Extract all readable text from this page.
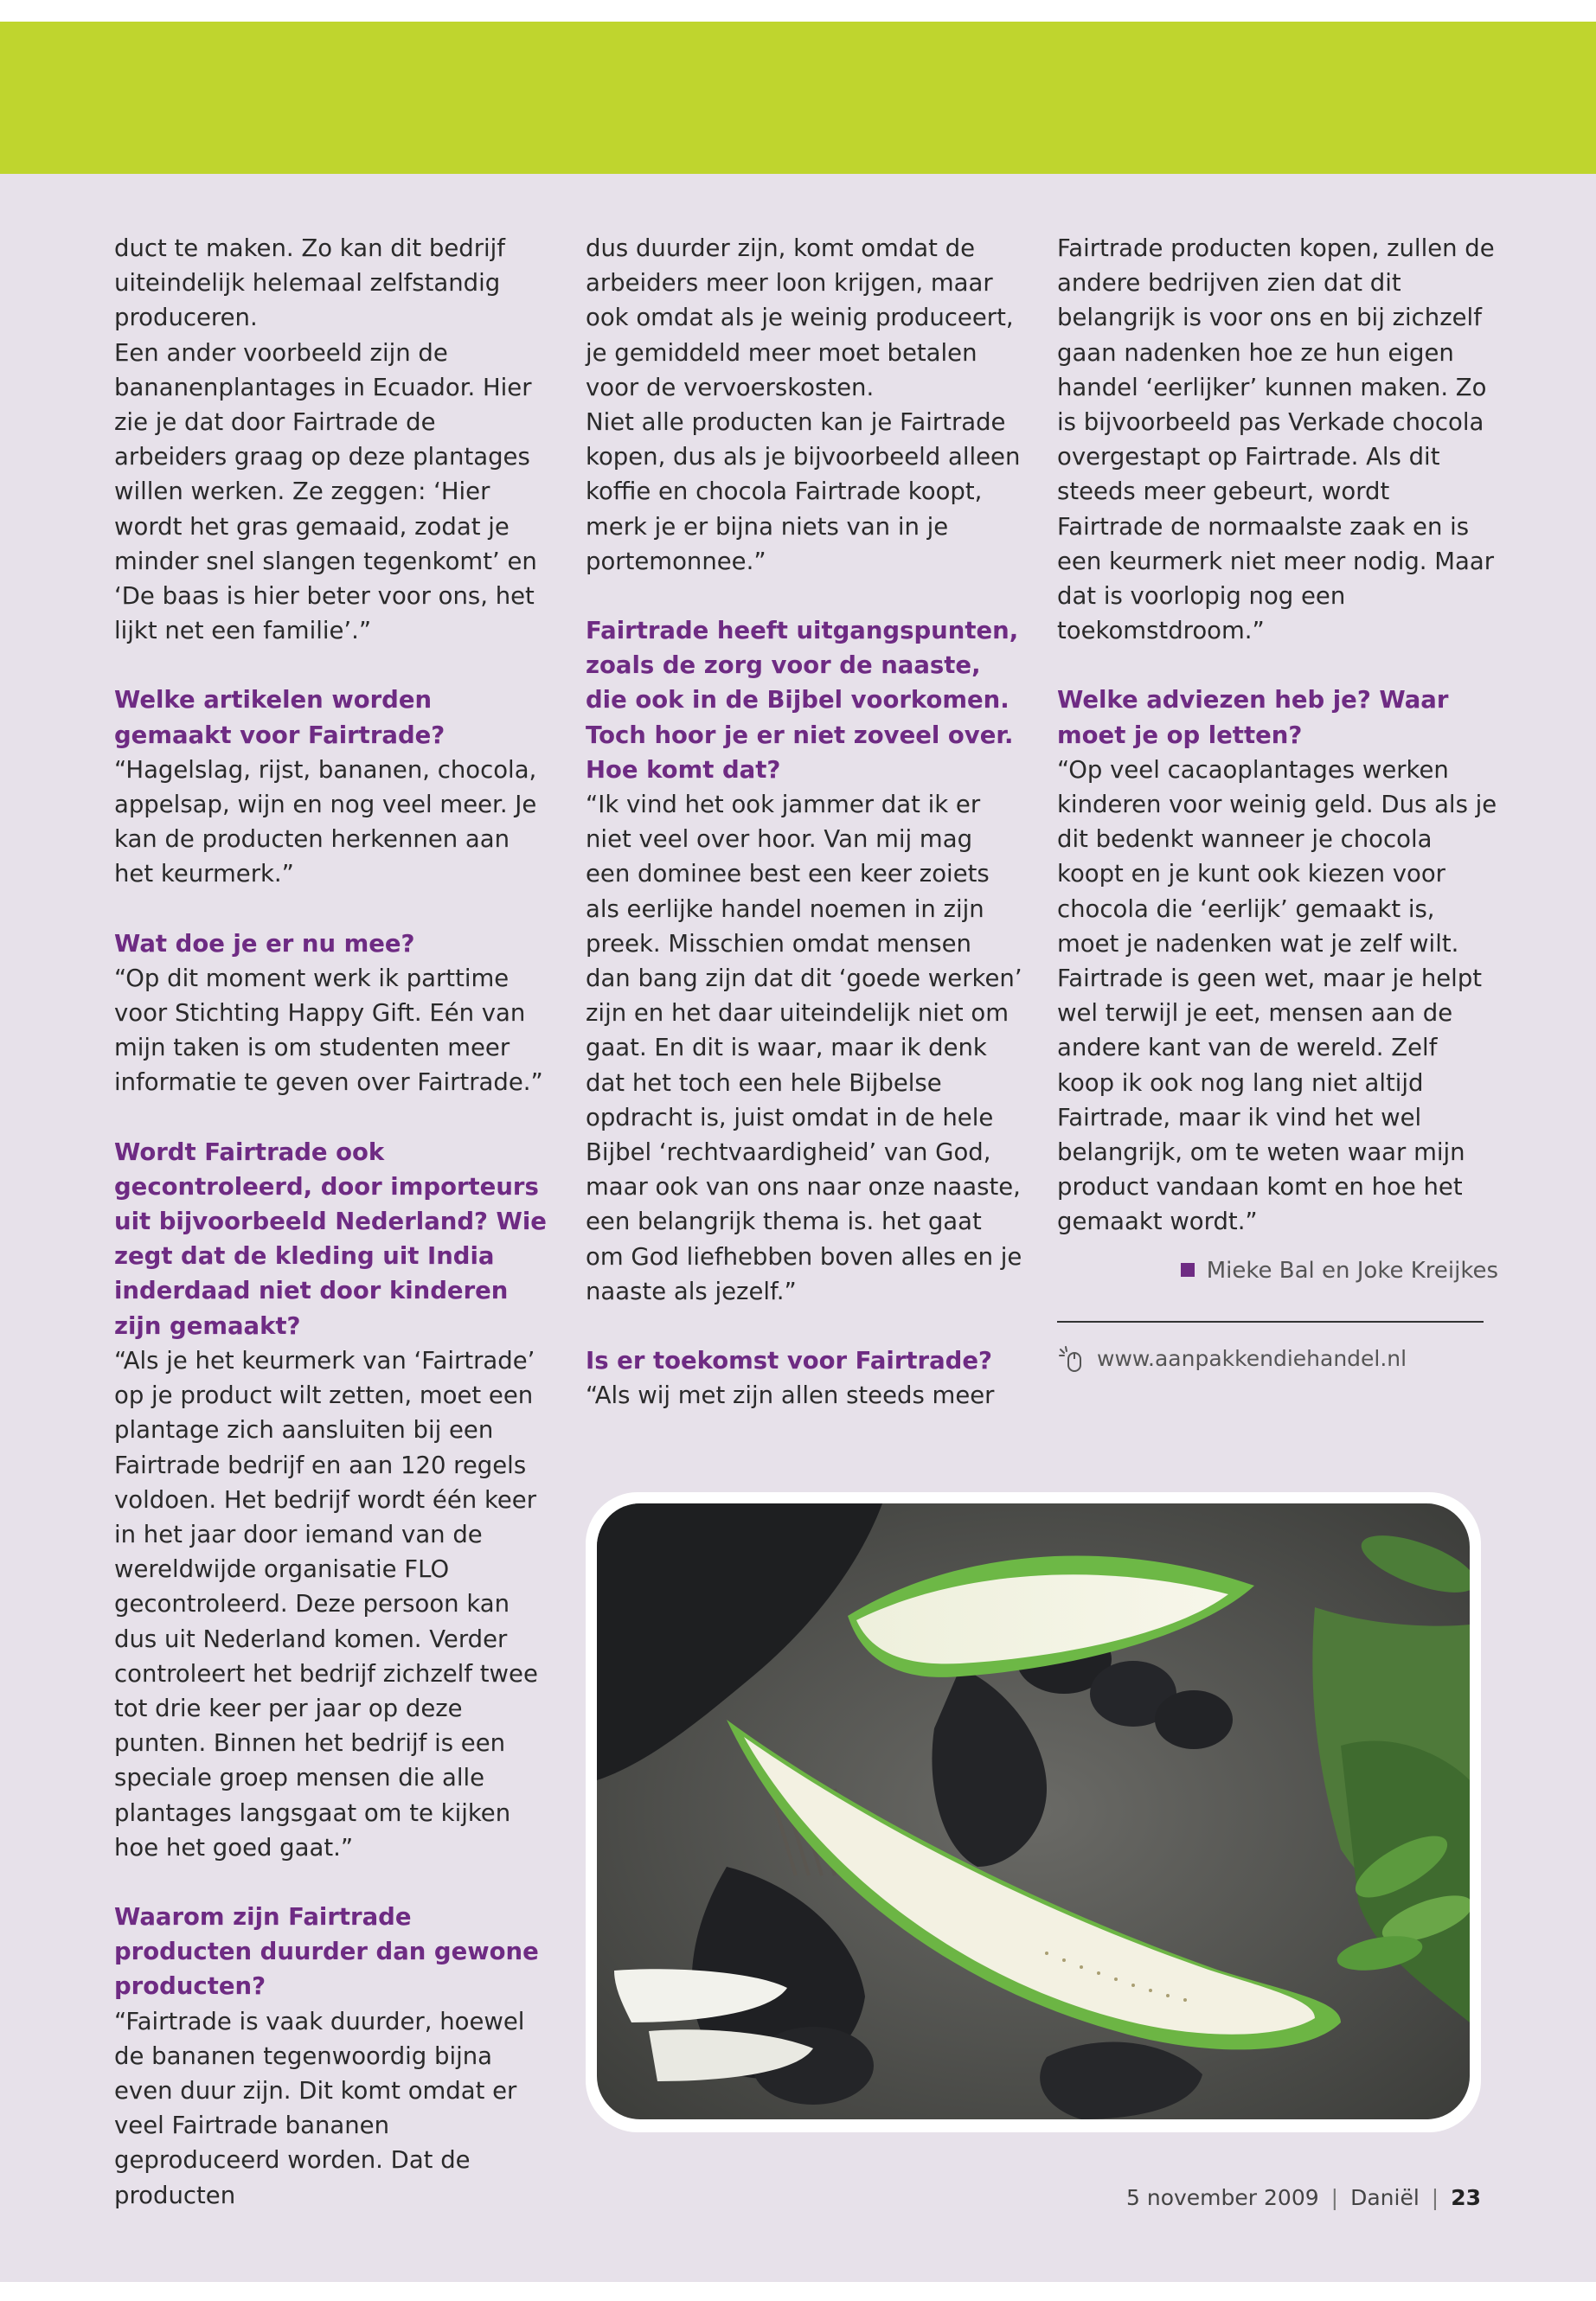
duct te maken. Zo kan dit bedrijf uiteindelijk helemaal zelfstandig produceren.

Een ander voorbeeld zijn de bananenplantages in Ecuador. Hier zie je dat door Fairtrade de arbeiders graag op deze plantages willen werken. Ze zeggen: ‘Hier wordt het gras gemaaid, zodat je minder snel slangen tegenkomt’ en ‘De baas is hier beter voor ons, het lijkt net een familie’.”

Welke artikelen worden gemaakt voor Fairtrade?

“Hagelslag, rijst, bananen, chocola, appelsap, wijn en nog veel meer. Je kan de producten herkennen aan het keurmerk.”

Wat doe je er nu mee?

“Op dit moment werk ik parttime voor Stichting Happy Gift. Eén van mijn taken is om studenten meer informatie te geven over Fairtrade.”

Wordt Fairtrade ook gecontroleerd, door importeurs uit bijvoorbeeld Nederland? Wie zegt dat de kleding uit India inderdaad niet door kinderen zijn gemaakt?

“Als je het keurmerk van ‘Fairtrade’ op je product wilt zetten, moet een plantage zich aansluiten bij een Fairtrade bedrijf en aan 120 regels voldoen. Het bedrijf wordt één keer in het jaar door iemand van de wereldwijde organisatie FLO gecontroleerd. Deze persoon kan dus uit Nederland komen. Verder controleert het bedrijf zichzelf twee tot drie keer per jaar op deze punten. Binnen het bedrijf is een speciale groep mensen die alle plantages langsgaat om te kijken hoe het goed gaat.”

Waarom zijn Fairtrade producten duurder dan gewone producten?

“Fairtrade is vaak duurder, hoewel de bananen tegenwoordig bijna even duur zijn. Dit komt omdat er veel Fairtrade bananen geproduceerd worden. Dat de producten

dus duurder zijn, komt omdat de arbeiders meer loon krijgen, maar ook omdat als je weinig produceert, je gemiddeld meer moet betalen voor de vervoerskosten.

Niet alle producten kan je Fairtrade kopen, dus als je bijvoorbeeld alleen koffie en chocola Fairtrade koopt, merk je er bijna niets van in je portemonnee.”

Fairtrade heeft uitgangspunten, zoals de zorg voor de naaste, die ook in de Bijbel voorkomen. Toch hoor je er niet zoveel over. Hoe komt dat?

“Ik vind het ook jammer dat ik er niet veel over hoor. Van mij mag een dominee best een keer zoiets als eerlijke handel noemen in zijn preek. Misschien omdat mensen dan bang zijn dat dit ‘goede werken’ zijn en het daar uiteindelijk niet om gaat. En dit is waar, maar ik denk dat het toch een hele Bijbelse opdracht is, juist omdat in de hele Bijbel ‘rechtvaardigheid’ van God, maar ook van ons naar onze naaste, een belangrijk thema is. het gaat om God liefhebben boven alles en je naaste als jezelf.”

Is er toekomst voor Fairtrade?

“Als wij met zijn allen steeds meer

Fairtrade producten kopen, zullen de andere bedrijven zien dat dit belangrijk is voor ons en bij zichzelf gaan nadenken hoe ze hun eigen handel ‘eerlijker’ kunnen maken. Zo is bijvoorbeeld pas Verkade chocola overgestapt op Fairtrade. Als dit steeds meer gebeurt, wordt Fairtrade de normaalste zaak en is een keurmerk niet meer nodig. Maar dat is voorlopig nog een toekomstdroom.”

Welke adviezen heb je? Waar moet je op letten?

“Op veel cacaoplantages werken kinderen voor weinig geld. Dus als je dit bedenkt wanneer je chocola koopt en je kunt ook kiezen voor chocola die ‘eerlijk’ gemaakt is, moet je nadenken wat je zelf wilt. Fairtrade is geen wet, maar je helpt wel terwijl je eet, mensen aan de andere kant van de wereld. Zelf koop ik ook nog lang niet altijd Fairtrade, maar ik vind het wel belangrijk, om te weten waar mijn product vandaan komt en hoe het gemaakt wordt.”

Mieke Bal en Joke Kreijkes
www.aanpakkendiehandel.nl
5 november 2009 | Daniël | 23
